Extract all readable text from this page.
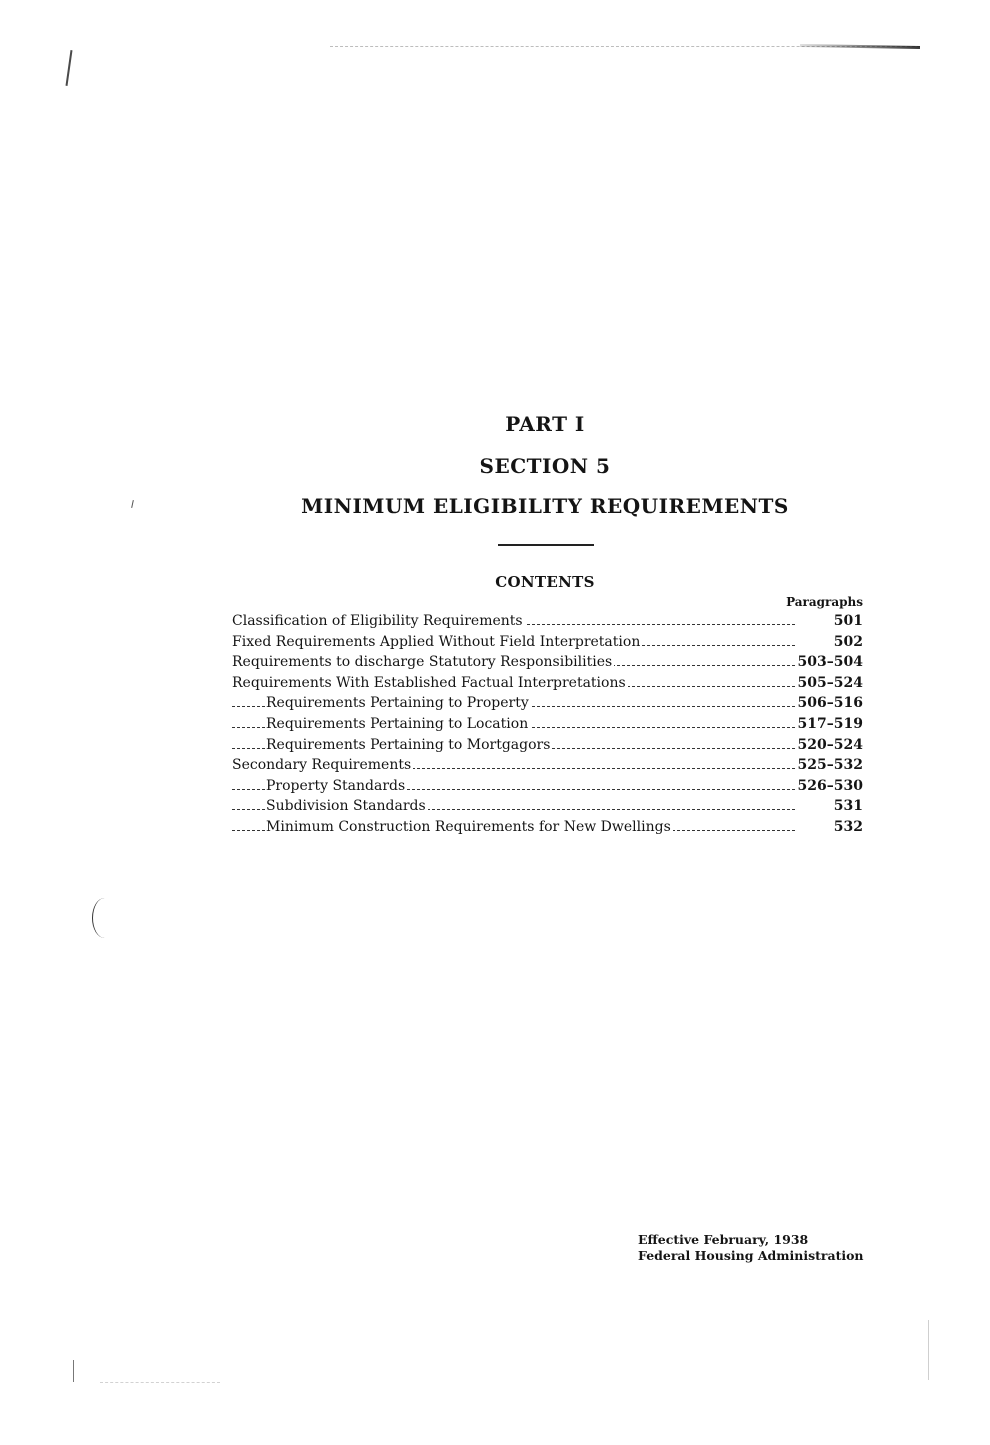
PART I
SECTION 5
MINIMUM ELIGIBILITY REQUIREMENTS
CONTENTS
Paragraphs
Classification of Eligibility Requirements	501
Fixed Requirements Applied Without Field Interpretation	502
Requirements to discharge Statutory Responsibilities	503–504
Requirements With Established Factual Interpretations	505–524
Requirements Pertaining to Property	506–516
Requirements Pertaining to Location	517–519
Requirements Pertaining to Mortgagors	520–524
Secondary Requirements	525–532
Property Standards	526–530
Subdivision Standards	531
Minimum Construction Requirements for New Dwellings	532
Effective February, 1938
Federal Housing Administration
